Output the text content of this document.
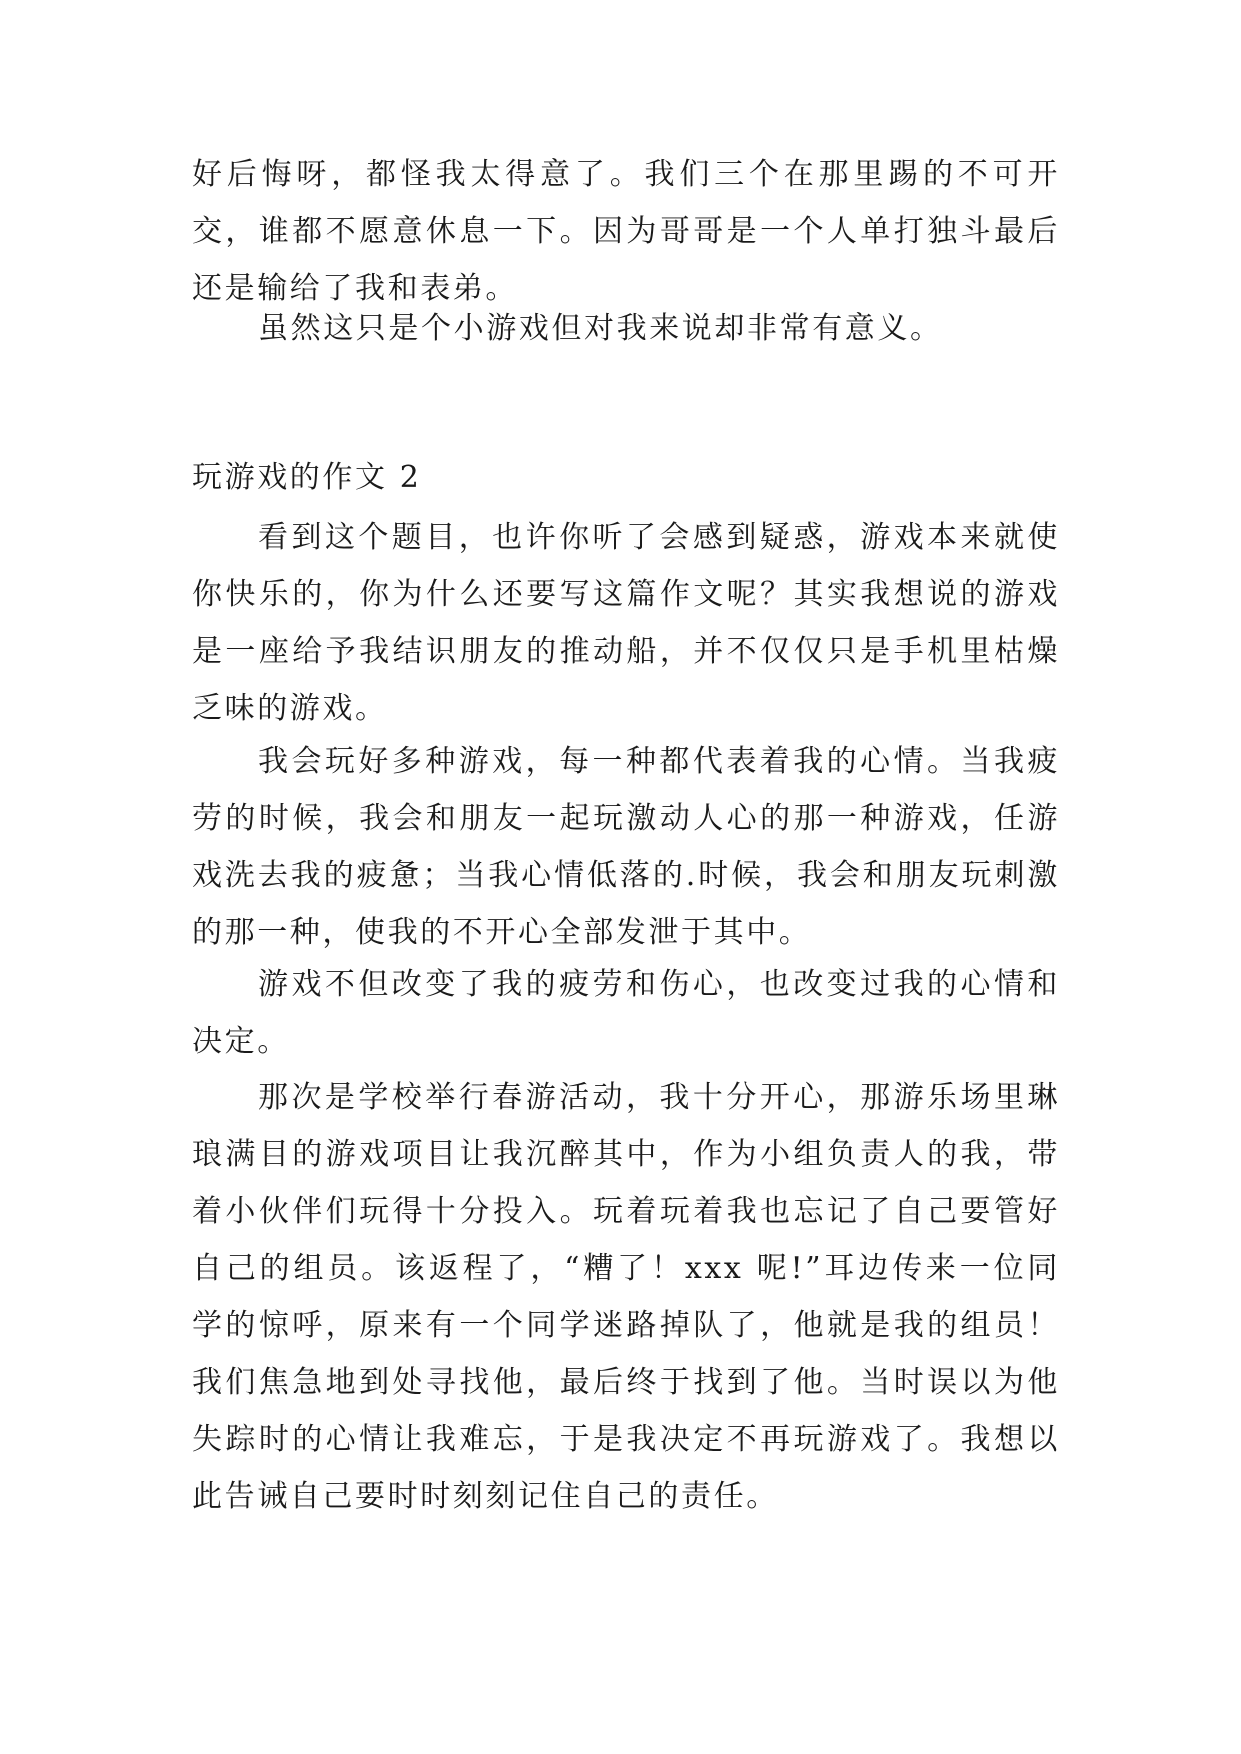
好后悔呀，都怪我太得意了。我们三个在那里踢的不可开交，谁都不愿意休息一下。因为哥哥是一个人单打独斗最后还是输给了我和表弟。

虽然这只是个小游戏但对我来说却非常有意义。

玩游戏的作文 2

看到这个题目，也许你听了会感到疑惑，游戏本来就使你快乐的，你为什么还要写这篇作文呢？其实我想说的游戏是一座给予我结识朋友的推动船，并不仅仅只是手机里枯燥乏味的游戏。

我会玩好多种游戏，每一种都代表着我的心情。当我疲劳的时候，我会和朋友一起玩激动人心的那一种游戏，任游戏洗去我的疲惫；当我心情低落的.时候，我会和朋友玩刺激的那一种，使我的不开心全部发泄于其中。

游戏不但改变了我的疲劳和伤心，也改变过我的心情和决定。

那次是学校举行春游活动，我十分开心，那游乐场里琳琅满目的游戏项目让我沉醉其中，作为小组负责人的我，带着小伙伴们玩得十分投入。玩着玩着我也忘记了自己要管好自己的组员。该返程了，“糟了！xxx 呢!”耳边传来一位同学的惊呼，原来有一个同学迷路掉队了，他就是我的组员！我们焦急地到处寻找他，最后终于找到了他。当时误以为他失踪时的心情让我难忘，于是我决定不再玩游戏了。我想以此告诫自己要时时刻刻记住自己的责任。
